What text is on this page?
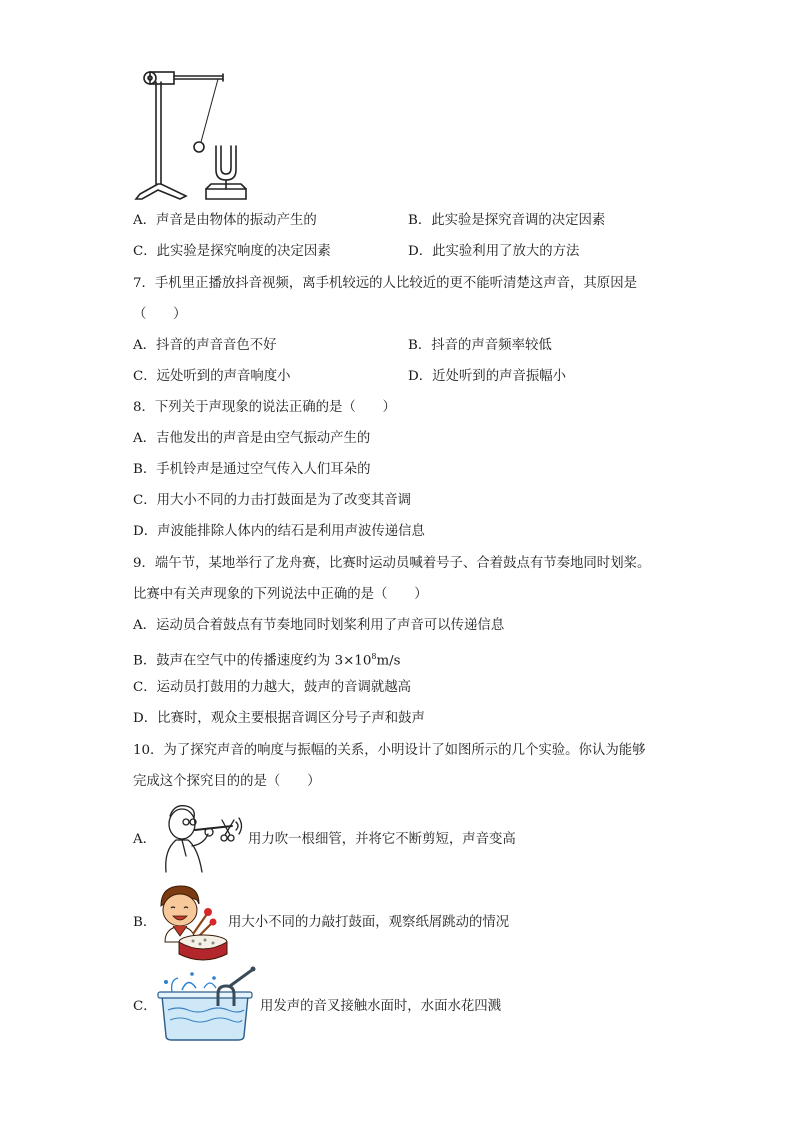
A．声音是由物体的振动产生的	B．此实验是探究音调的决定因素
C．此实验是探究响度的决定因素	D．此实验利用了放大的方法
7．手机里正播放抖音视频，离手机较远的人比较近的更不能听清楚这声音，其原因是
（　　）
A．抖音的声音音色不好	B．抖音的声音频率较低
C．远处听到的声音响度小	D．近处听到的声音振幅小
8．下列关于声现象的说法正确的是（　　）
A．吉他发出的声音是由空气振动产生的
B．手机铃声是通过空气传入人们耳朵的
C．用大小不同的力击打鼓面是为了改变其音调
D．声波能排除人体内的结石是利用声波传递信息
9．端午节，某地举行了龙舟赛，比赛时运动员喊着号子、合着鼓点有节奏地同时划桨。
比赛中有关声现象的下列说法中正确的是（　　）
A．运动员合着鼓点有节奏地同时划桨利用了声音可以传递信息
B．鼓声在空气中的传播速度约为 $3\times 10^8m/s$
C．运动员打鼓用的力越大，鼓声的音调就越高
D．比赛时，观众主要根据音调区分号子声和鼓声
10．为了探究声音的响度与振幅的关系，小明设计了如图所示的几个实验。你认为能够
完成这个探究目的的是（　　）
A．	用力吹一根细管，并将它不断剪短，声音变高
B．	用大小不同的力敲打鼓面，观察纸屑跳动的情况
C．	用发声的音叉接触水面时，水面水花四溅
